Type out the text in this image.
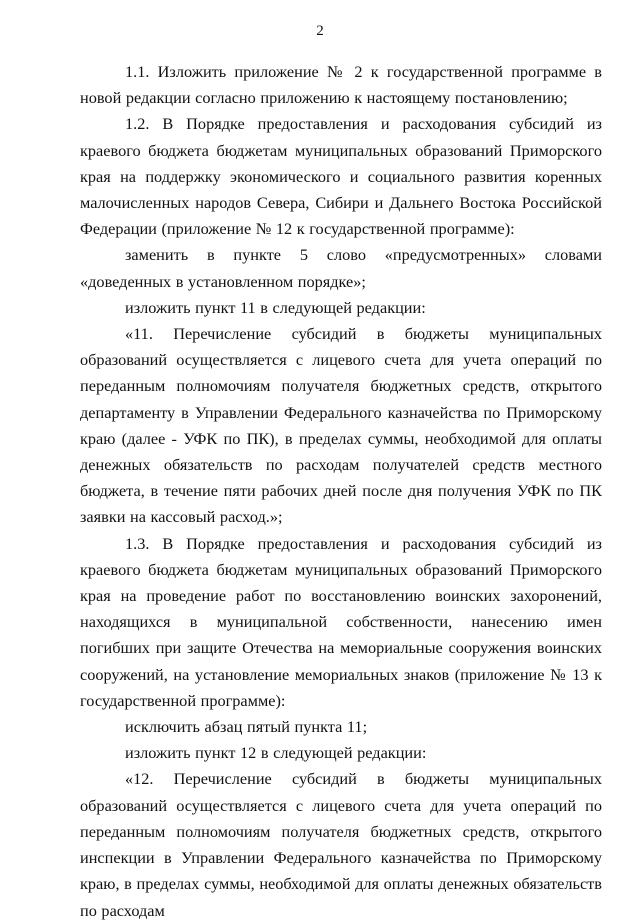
2

1.1. Изложить приложение № 2 к государственной программе в новой редакции согласно приложению к настоящему постановлению;

1.2. В Порядке предоставления и расходования субсидий из краевого бюджета бюджетам муниципальных образований Приморского края на поддержку экономического и социального развития коренных малочисленных народов Севера, Сибири и Дальнего Востока Российской Федерации (приложение № 12 к государственной программе):

заменить в пункте 5 слово «предусмотренных» словами «доведенных в установленном порядке»;

изложить пункт 11 в следующей редакции:

«11. Перечисление субсидий в бюджеты муниципальных образований осуществляется с лицевого счета для учета операций по переданным полномочиям получателя бюджетных средств, открытого департаменту в Управлении Федерального казначейства по Приморскому краю (далее - УФК по ПК), в пределах суммы, необходимой для оплаты денежных обязательств по расходам получателей средств местного бюджета, в течение пяти рабочих дней после дня получения УФК по ПК заявки на кассовый расход.»;

1.3. В Порядке предоставления и расходования субсидий из краевого бюджета бюджетам муниципальных образований Приморского края на проведение работ по восстановлению воинских захоронений, находящихся в муниципальной собственности, нанесению имен погибших при защите Отечества на мемориальные сооружения воинских сооружений, на установление мемориальных знаков (приложение № 13 к государственной программе):

исключить абзац пятый пункта 11;

изложить пункт 12 в следующей редакции:

«12. Перечисление субсидий в бюджеты муниципальных образований осуществляется с лицевого счета для учета операций по переданным полномочиям получателя бюджетных средств, открытого инспекции в Управлении Федерального казначейства по Приморскому краю, в пределах суммы, необходимой для оплаты денежных обязательств по расходам
